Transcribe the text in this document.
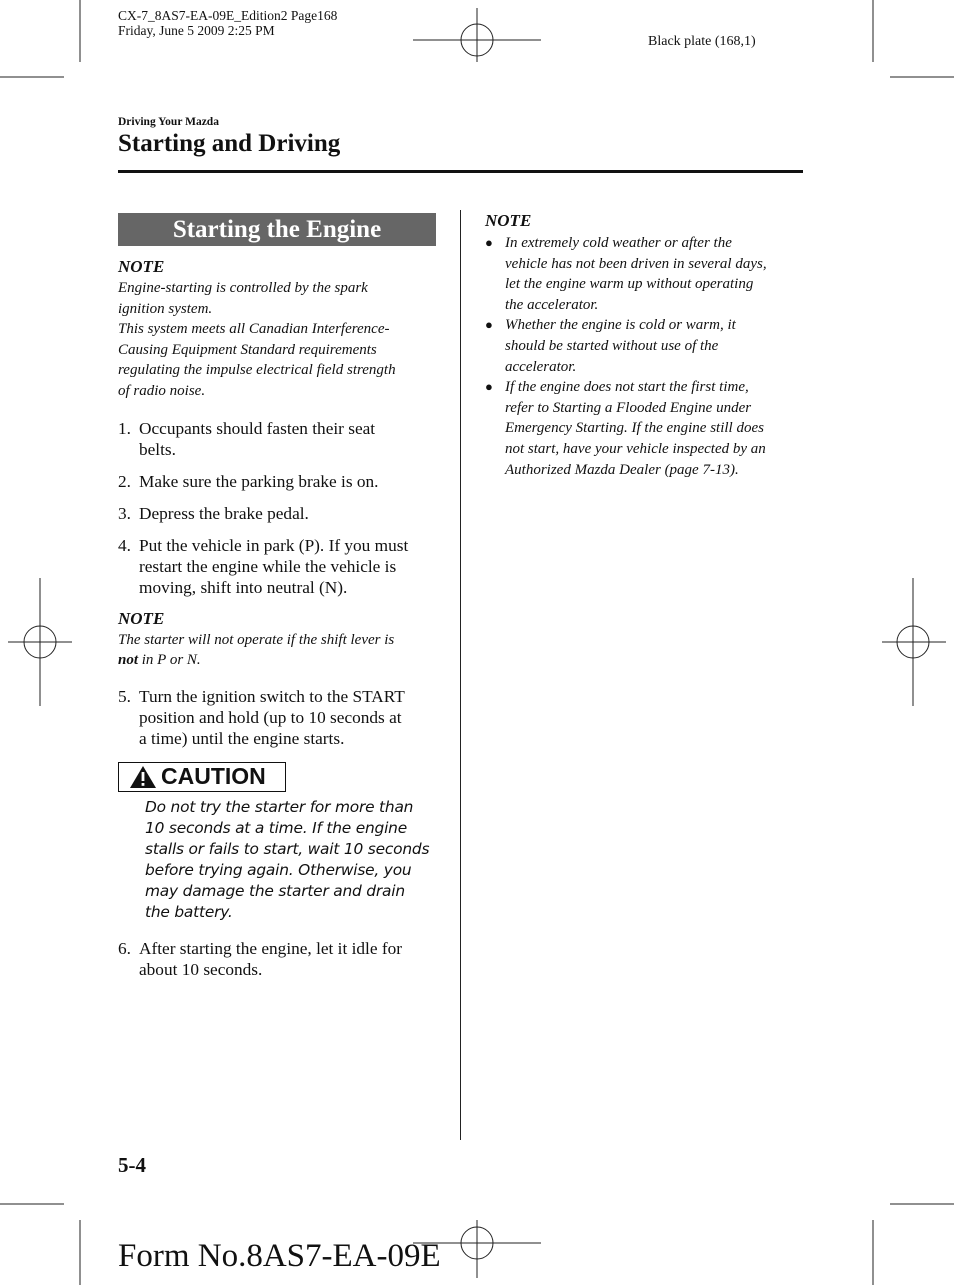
CX-7_8AS7-EA-09E_Edition2 Page168
Friday, June 5 2009 2:25 PM
Black plate (168,1)
Driving Your Mazda
Starting and Driving
Starting the Engine
NOTE
Engine-starting is controlled by the spark
ignition system.
This system meets all Canadian Interference-
Causing Equipment Standard requirements
regulating the impulse electrical field strength
of radio noise.
1. Occupants should fasten their seat
belts.
2. Make sure the parking brake is on.
3. Depress the brake pedal.
4. Put the vehicle in park (P). If you must
restart the engine while the vehicle is
moving, shift into neutral (N).
NOTE
The starter will not operate if the shift lever is
not in P or N.
5. Turn the ignition switch to the START
position and hold (up to 10 seconds at
a time) until the engine starts.
CAUTION
Do not try the starter for more than
10 seconds at a time. If the engine
stalls or fails to start, wait 10 seconds
before trying again. Otherwise, you
may damage the starter and drain
the battery.
6. After starting the engine, let it idle for
about 10 seconds.
NOTE
● In extremely cold weather or after the
vehicle has not been driven in several days,
let the engine warm up without operating
the accelerator.
● Whether the engine is cold or warm, it
should be started without use of the
accelerator.
● If the engine does not start the first time,
refer to Starting a Flooded Engine under
Emergency Starting. If the engine still does
not start, have your vehicle inspected by an
Authorized Mazda Dealer (page 7-13).
5-4
Form No.8AS7-EA-09E
